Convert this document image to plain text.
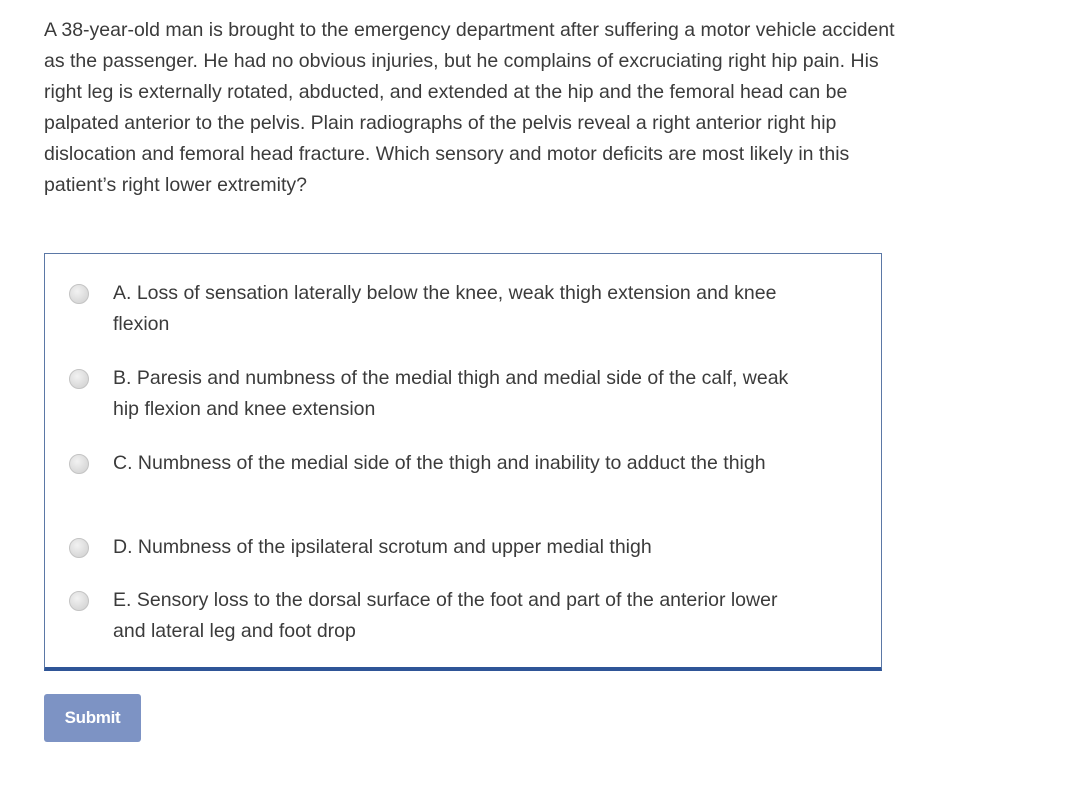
A 38-year-old man is brought to the emergency department after suffering a motor vehicle accident as the passenger. He had no obvious injuries, but he complains of excruciating right hip pain. His right leg is externally rotated, abducted, and extended at the hip and the femoral head can be palpated anterior to the pelvis. Plain radiographs of the pelvis reveal a right anterior right hip dislocation and femoral head fracture. Which sensory and motor deficits are most likely in this patient’s right lower extremity?

A. Loss of sensation laterally below the knee, weak thigh extension and knee flexion
B. Paresis and numbness of the medial thigh and medial side of the calf, weak hip flexion and knee extension
C. Numbness of the medial side of the thigh and inability to adduct the thigh
D. Numbness of the ipsilateral scrotum and upper medial thigh
E. Sensory loss to the dorsal surface of the foot and part of the anterior lower and lateral leg and foot drop
Submit
